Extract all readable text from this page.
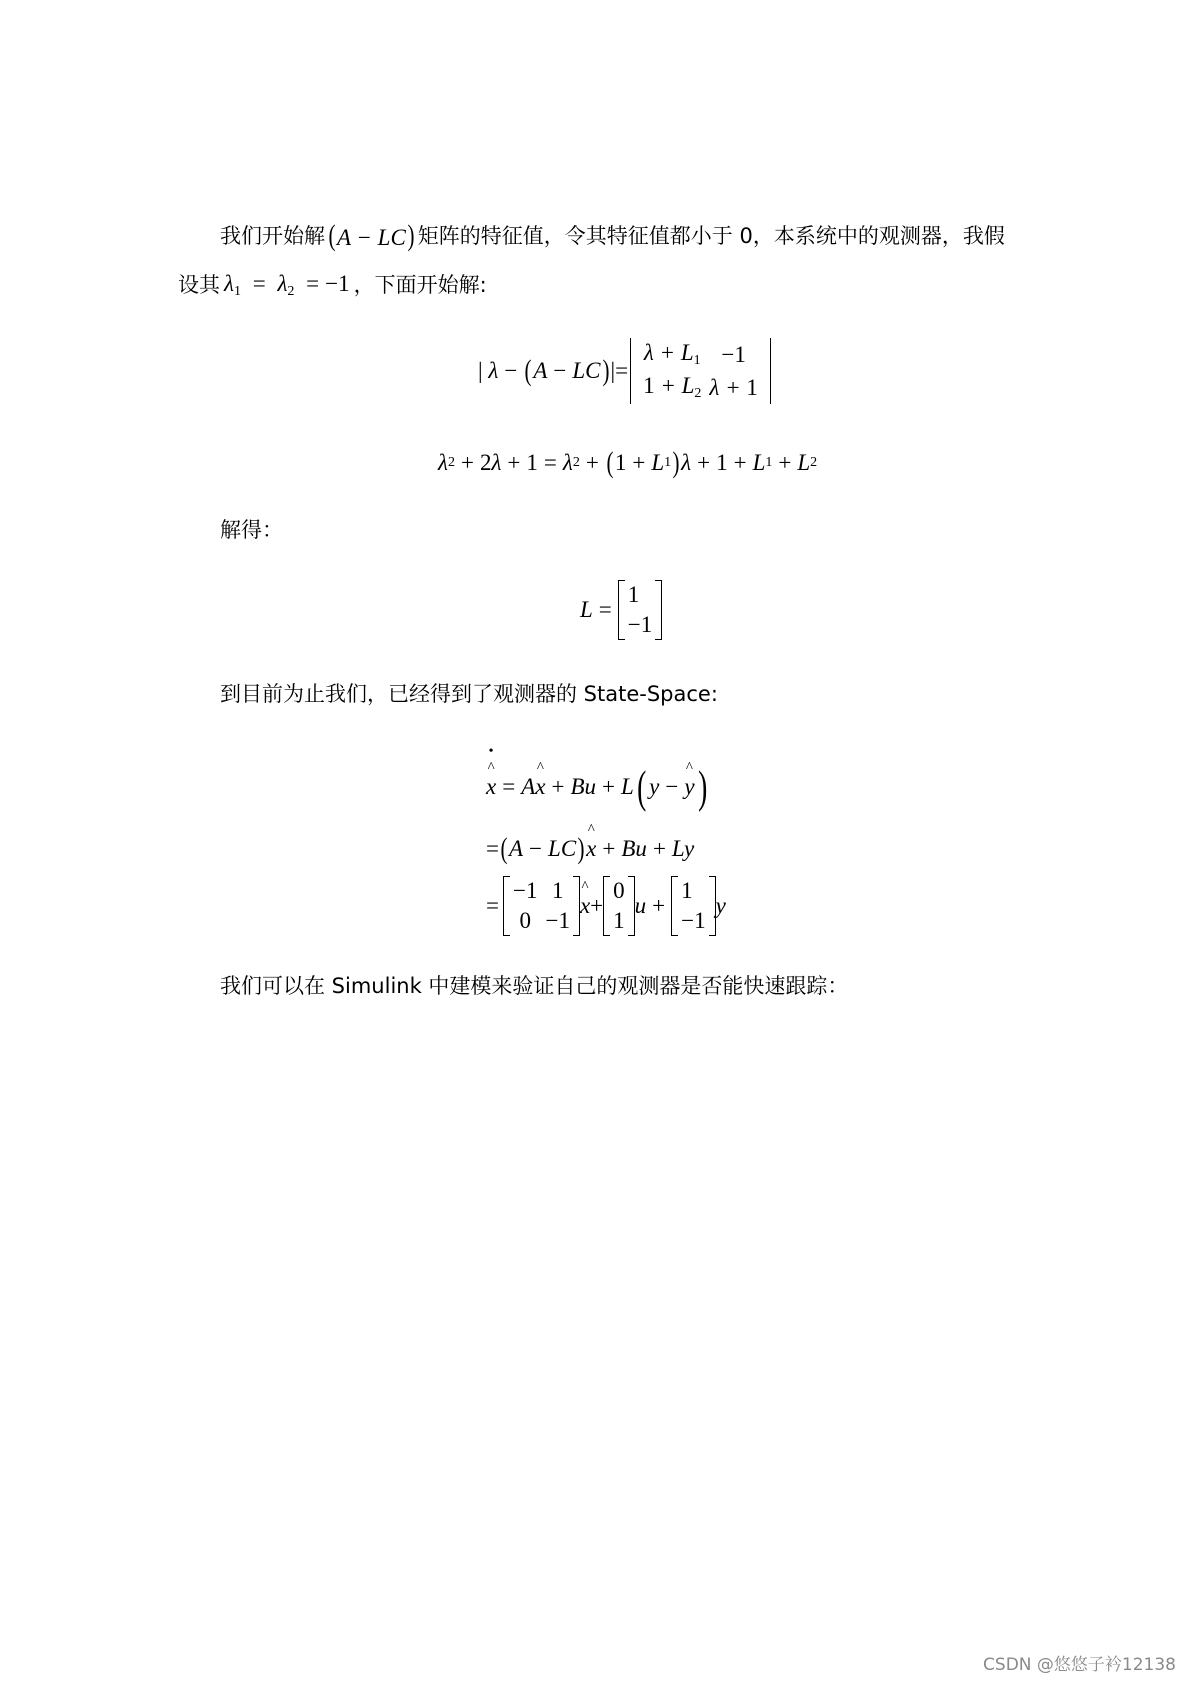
我们开始解 (A − LC) 矩阵的特征值，令其特征值都小于 0，本系统中的观测器，我假
设其 $\lambda_1 = \lambda_2 = -1$ ，下面开始解:
| λ − ( A − LC ) |=
$\lambda + L_1 -1$
$1 + L_2$ λ + 1
λ 2 + 2 λ + 1 = λ 2 + ( 1 + L 1 ) λ + 1 + L 1 + L 2
解得：
L =
1
−1
到目前为止我们，已经得到了观测器的 State-Space:
^ x • = A ^ x + Bu + L ( y − ^ y )
= ( A − LC ) ^ x + Bu + Ly
=
−1 1
0 −1
^ x +
0
1
u +
1
−1
y
我们可以在 Simulink 中建模来验证自己的观测器是否能快速跟踪：
CSDN @悠悠子衿12138
